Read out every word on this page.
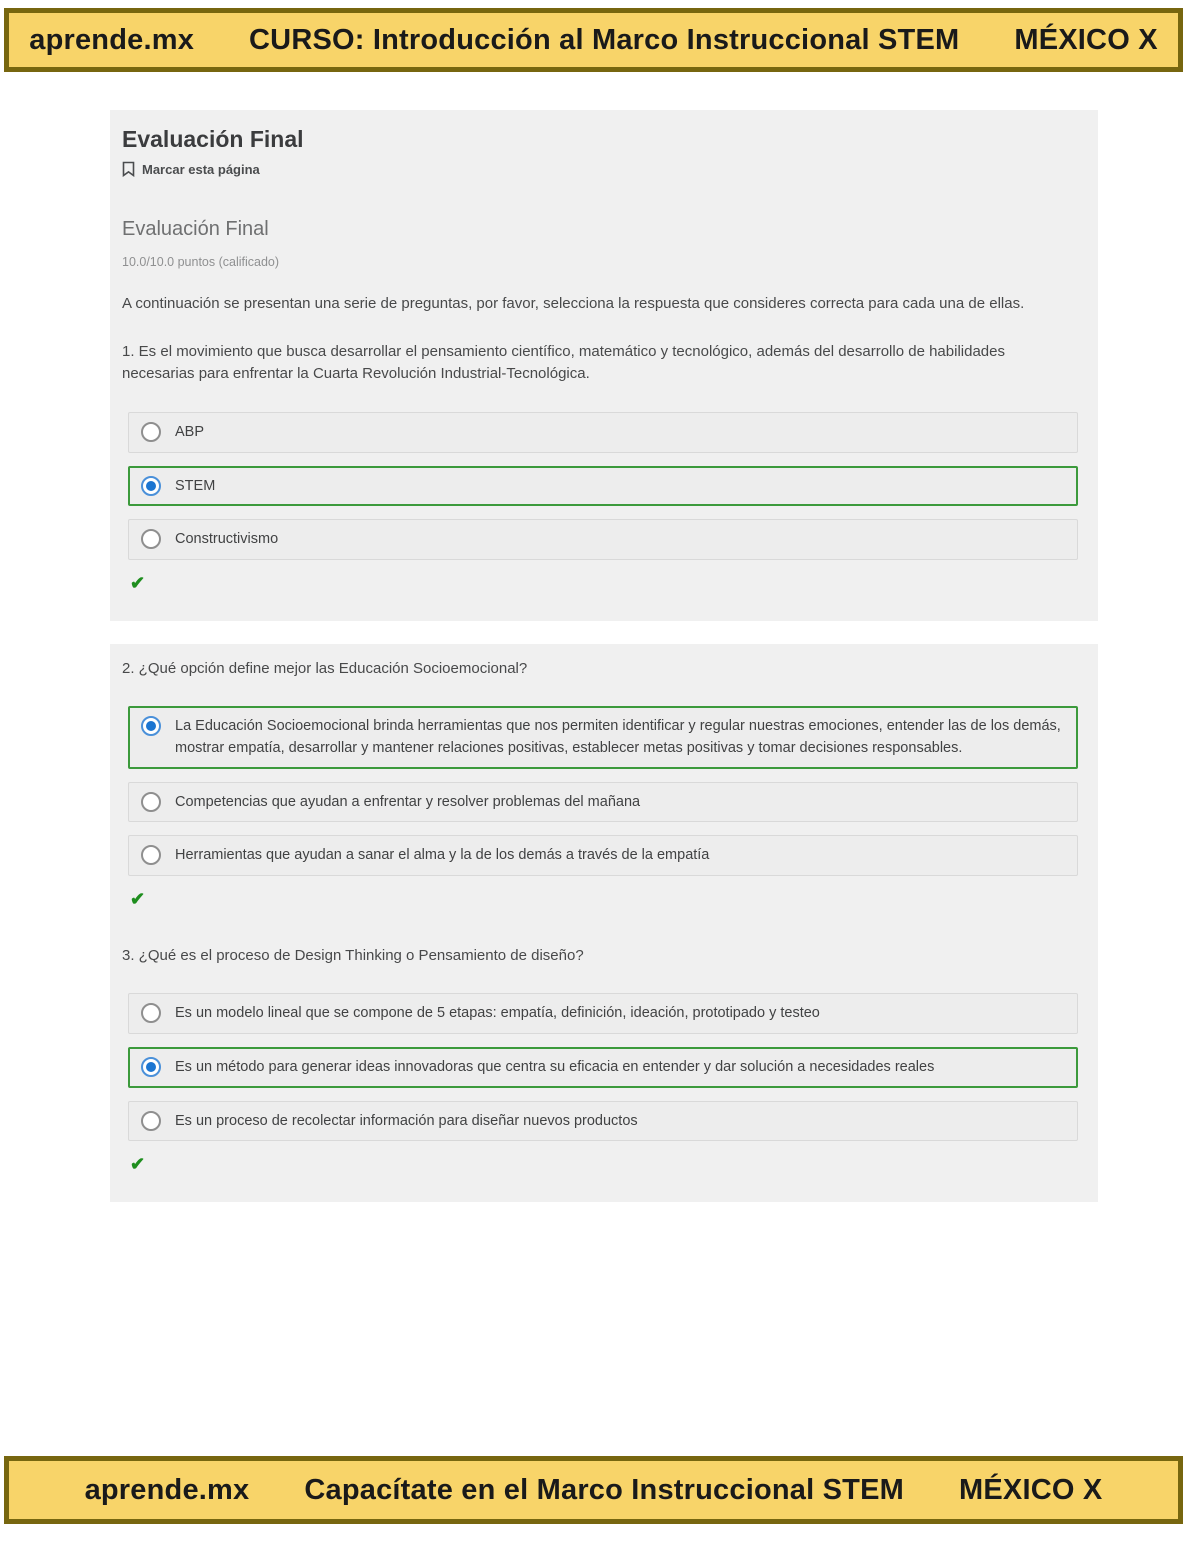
aprende.mx CURSO: Introducción al Marco Instruccional STEM MÉXICO X
Evaluación Final
Marcar esta página
Evaluación Final
10.0/10.0 puntos (calificado)

A continuación se presentan una serie de preguntas, por favor, selecciona la respuesta que consideres correcta para cada una de ellas.

1. Es el movimiento que busca desarrollar el pensamiento científico, matemático y tecnológico, además del desarrollo de habilidades necesarias para enfrentar la Cuarta Revolución Industrial-Tecnológica.

ABP
STEM
Constructivismo
✔

2. ¿Qué opción define mejor las Educación Socioemocional?

La Educación Socioemocional brinda herramientas que nos permiten identificar y regular nuestras emociones, entender las de los demás, mostrar empatía, desarrollar y mantener relaciones positivas, establecer metas positivas y tomar decisiones responsables.
Competencias que ayudan a enfrentar y resolver problemas del mañana
Herramientas que ayudan a sanar el alma y la de los demás a través de la empatía
✔

3. ¿Qué es el proceso de Design Thinking o Pensamiento de diseño?

Es un modelo lineal que se compone de 5 etapas: empatía, definición, ideación, prototipado y testeo
Es un método para generar ideas innovadoras que centra su eficacia en entender y dar solución a necesidades reales
Es un proceso de recolectar información para diseñar nuevos productos
✔
aprende.mx Capacítate en el Marco Instruccional STEM MÉXICO X
